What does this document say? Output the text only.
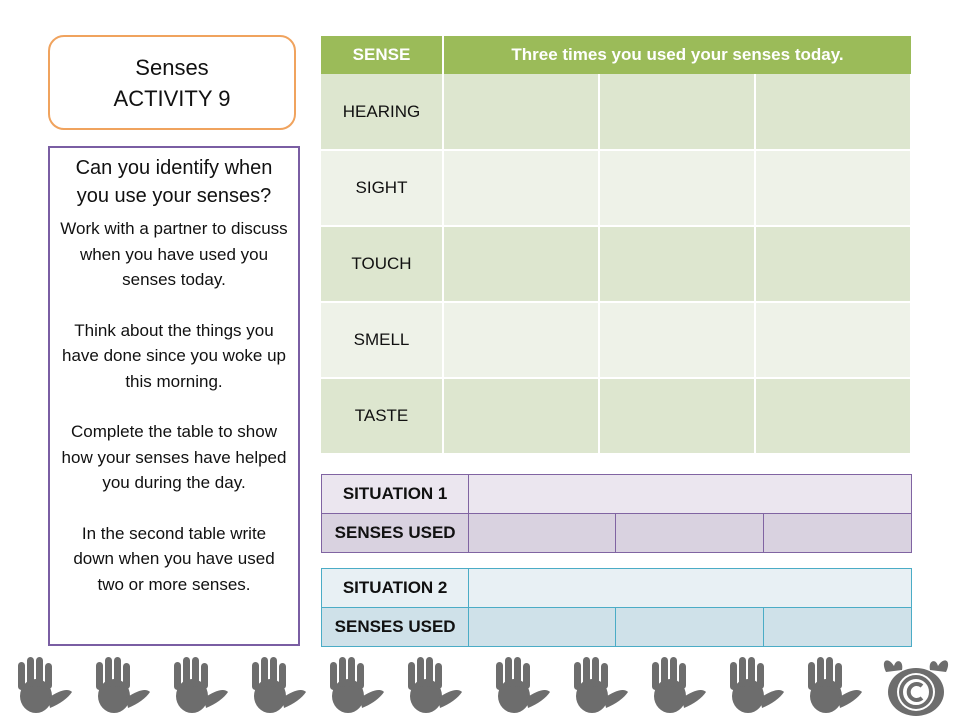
Senses
ACTIVITY 9
Can you identify when you use your senses?
Work with a partner to discuss when you have used you senses today.
Think about the things you have done since you woke up this morning.
Complete the table to show how your senses have helped you during the day.
In the second table write down when you have used two or more senses.
SENSE	Three times you used your senses today.		
HEARING			
SIGHT			
TOUCH			
SMELL			
TASTE			
SITUATION 1			
SENSES USED			
SITUATION 2			
SENSES USED			
